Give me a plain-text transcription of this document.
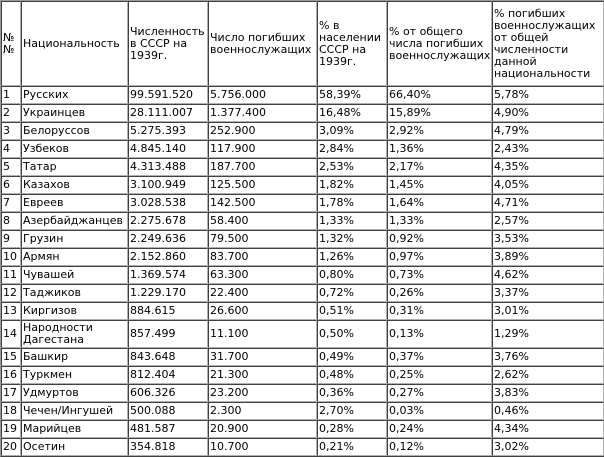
№ №	Национальность	Численность в СССР на 1939г.	Число погибших военнослужащих	% в населении СССР на 1939г.	% от общего числа погибших военнослужащих	% погибших военнослужащих от общей численности данной национальности
1	Русских	99.591.520	5.756.000	58,39%	66,40%	5,78%
2	Украинцев	28.111.007	1.377.400	16,48%	15,89%	4,90%
3	Белоруссов	5.275.393	252.900	3,09%	2,92%	4,79%
4	Узбеков	4.845.140	117.900	2,84%	1,36%	2,43%
5	Татар	4.313.488	187.700	2,53%	2,17%	4,35%
6	Казахов	3.100.949	125.500	1,82%	1,45%	4,05%
7	Евреев	3.028.538	142.500	1,78%	1,64%	4,71%
8	Азербайджанцев	2.275.678	58.400	1,33%	1,33%	2,57%
9	Грузин	2.249.636	79.500	1,32%	0,92%	3,53%
10	Армян	2.152.860	83.700	1,26%	0,97%	3,89%
11	Чувашей	1.369.574	63.300	0,80%	0,73%	4,62%
12	Таджиков	1.229.170	22.400	0,72%	0,26%	3,37%
13	Киргизов	884.615	26.600	0,51%	0,31%	3,01%
14	Народности Дагестана	857.499	11.100	0,50%	0,13%	1,29%
15	Башкир	843.648	31.700	0,49%	0,37%	3,76%
16	Туркмен	812.404	21.300	0,48%	0,25%	2,62%
17	Удмуртов	606.326	23.200	0,36%	0,27%	3,83%
18	Чечен/Ингушей	500.088	2.300	2,70%	0,03%	0,46%
19	Марийцев	481.587	20.900	0,28%	0,24%	4,34%
20	Осетин	354.818	10.700	0,21%	0,12%	3,02%
